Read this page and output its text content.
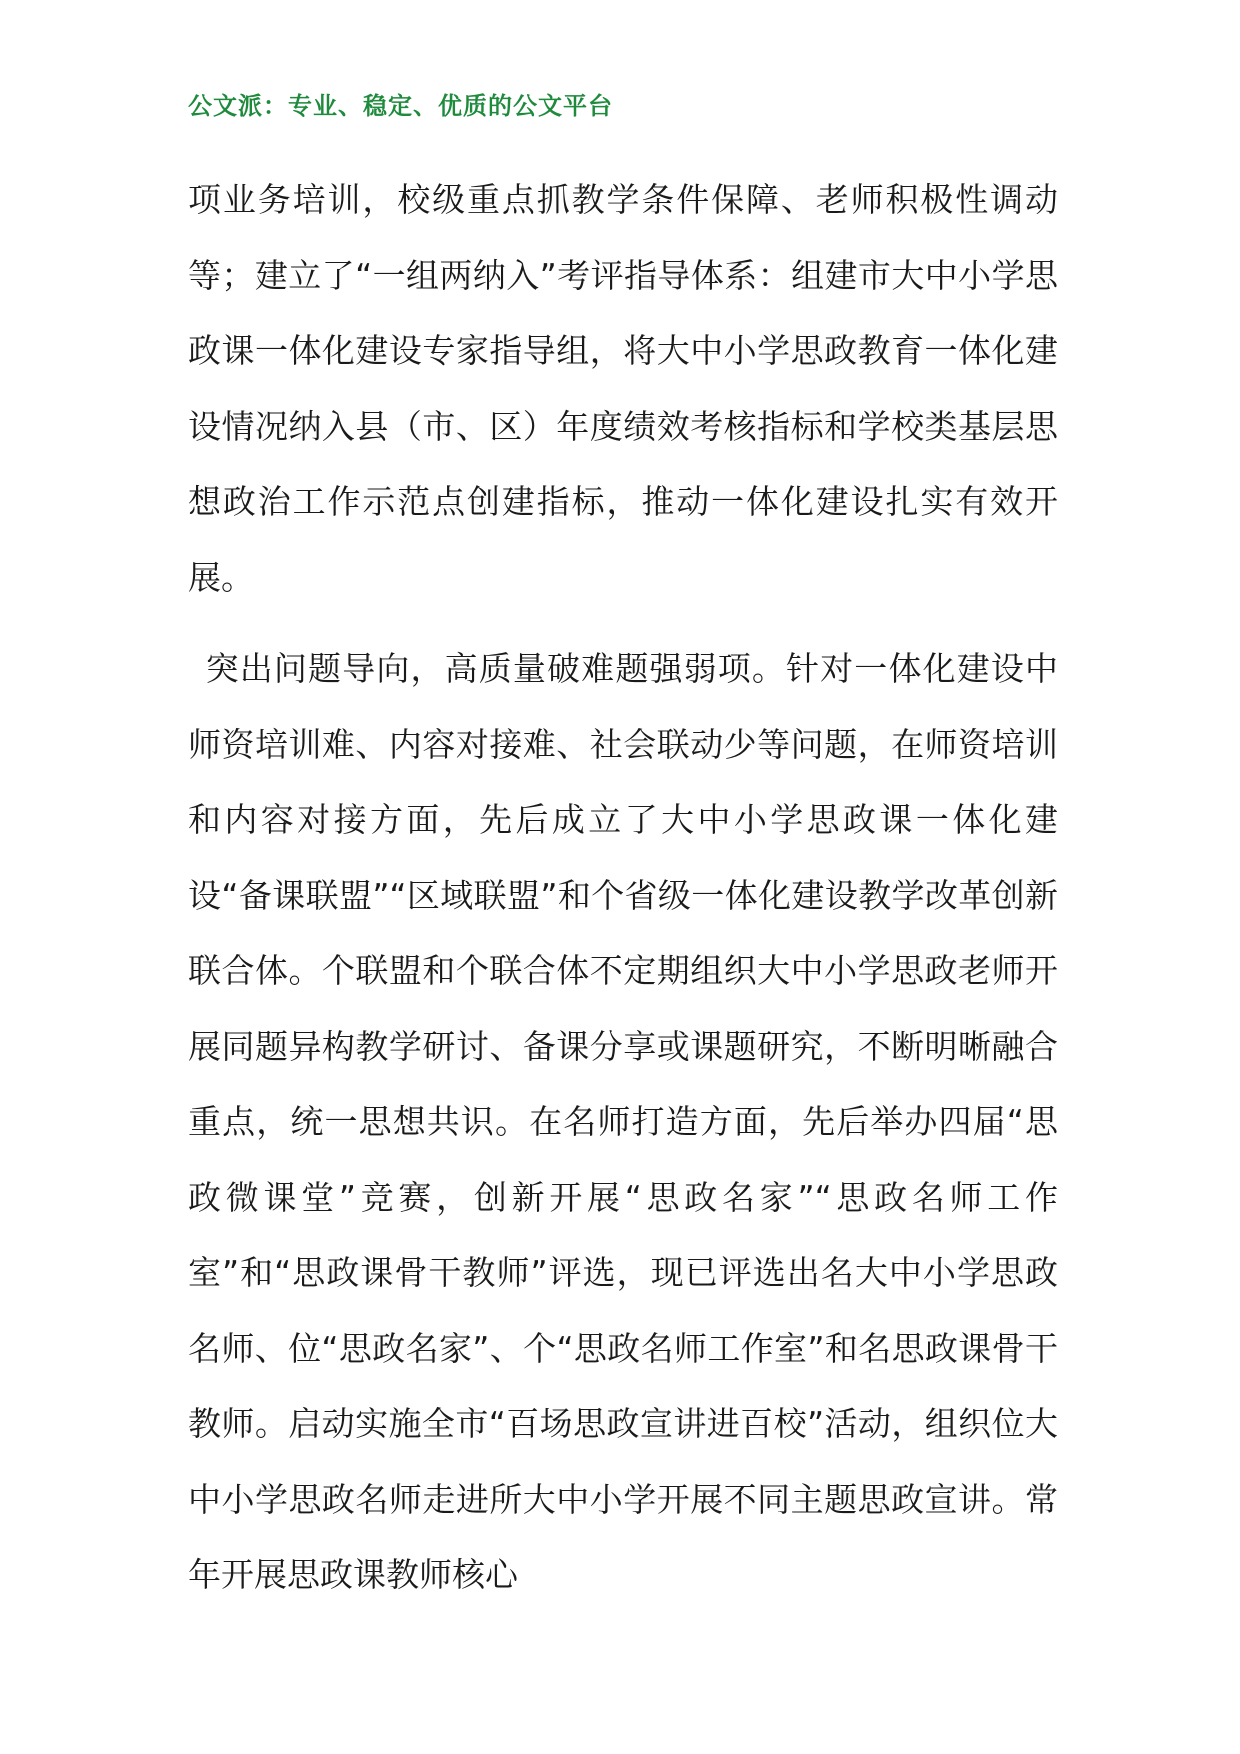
公文派：专业、稳定、优质的公文平台

项业务培训，校级重点抓教学条件保障、老师积极性调动等；建立了“一组两纳入”考评指导体系：组建市大中小学思政课一体化建设专家指导组，将大中小学思政教育一体化建设情况纳入县（市、区）年度绩效考核指标和学校类基层思想政治工作示范点创建指标，推动一体化建设扎实有效开展。

 突出问题导向，高质量破难题强弱项。针对一体化建设中师资培训难、内容对接难、社会联动少等问题，在师资培训和内容对接方面，先后成立了大中小学思政课一体化建设“备课联盟”“区域联盟”和个省级一体化建设教学改革创新联合体。个联盟和个联合体不定期组织大中小学思政老师开展同题异构教学研讨、备课分享或课题研究，不断明晰融合重点，统一思想共识。在名师打造方面，先后举办四届“思政微课堂”竞赛，创新开展“思政名家”“思政名师工作室”和“思政课骨干教师”评选，现已评选出名大中小学思政名师、位“思政名家”、个“思政名师工作室”和名思政课骨干教师。启动实施全市“百场思政宣讲进百校”活动，组织位大中小学思政名师走进所大中小学开展不同主题思政宣讲。常年开展思政课教师核心
